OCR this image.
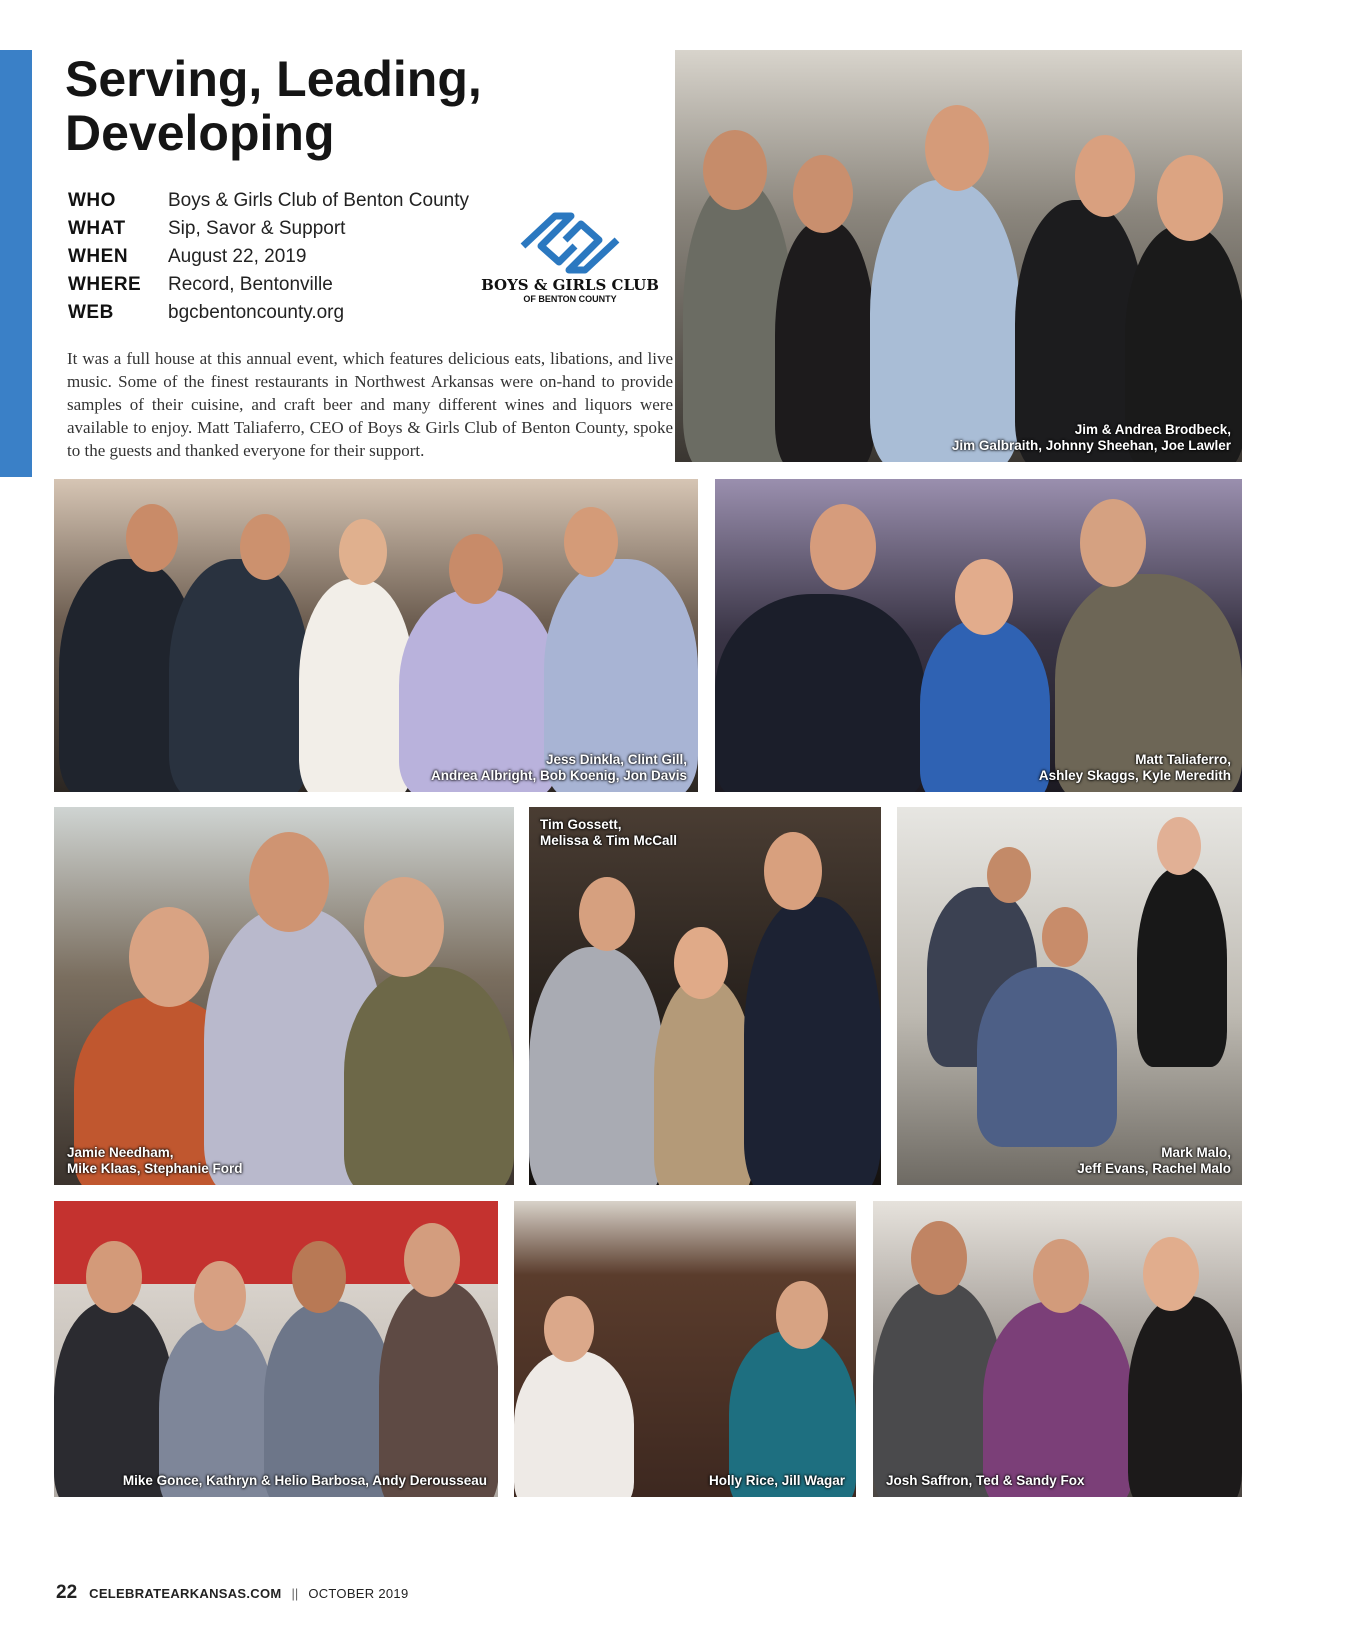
Serving, Leading,
Developing
WHO	Boys & Girls Club of Benton County
WHAT	Sip, Savor & Support
WHEN	August 22, 2019
WHERE	Record, Bentonville
WEB	bgcbentoncounty.org
BOYS & GIRLS CLUB
OF BENTON COUNTY

It was a full house at this annual event, which features delicious eats, libations, and live music. Some of the finest restaurants in Northwest Arkansas were on-hand to provide samples of their cuisine, and craft beer and many different wines and liquors were available to enjoy. Matt Taliaferro, CEO of Boys & Girls Club of Benton County, spoke to the guests and thanked everyone for their support.

Jim & Andrea Brodbeck,
Jim Galbraith, Johnny Sheehan, Joe Lawler
Jess Dinkla, Clint Gill,
Andrea Albright, Bob Koenig, Jon Davis
Matt Taliaferro,
Ashley Skaggs, Kyle Meredith
Jamie Needham,
Mike Klaas, Stephanie Ford
Tim Gossett,
Melissa & Tim McCall
Mark Malo,
Jeff Evans, Rachel Malo
Mike Gonce, Kathryn & Helio Barbosa, Andy Derousseau	Holly Rice, Jill Wagar	Josh Saffron, Ted & Sandy Fox
22 CELEBRATEARKANSAS.COM || OCTOBER 2019
